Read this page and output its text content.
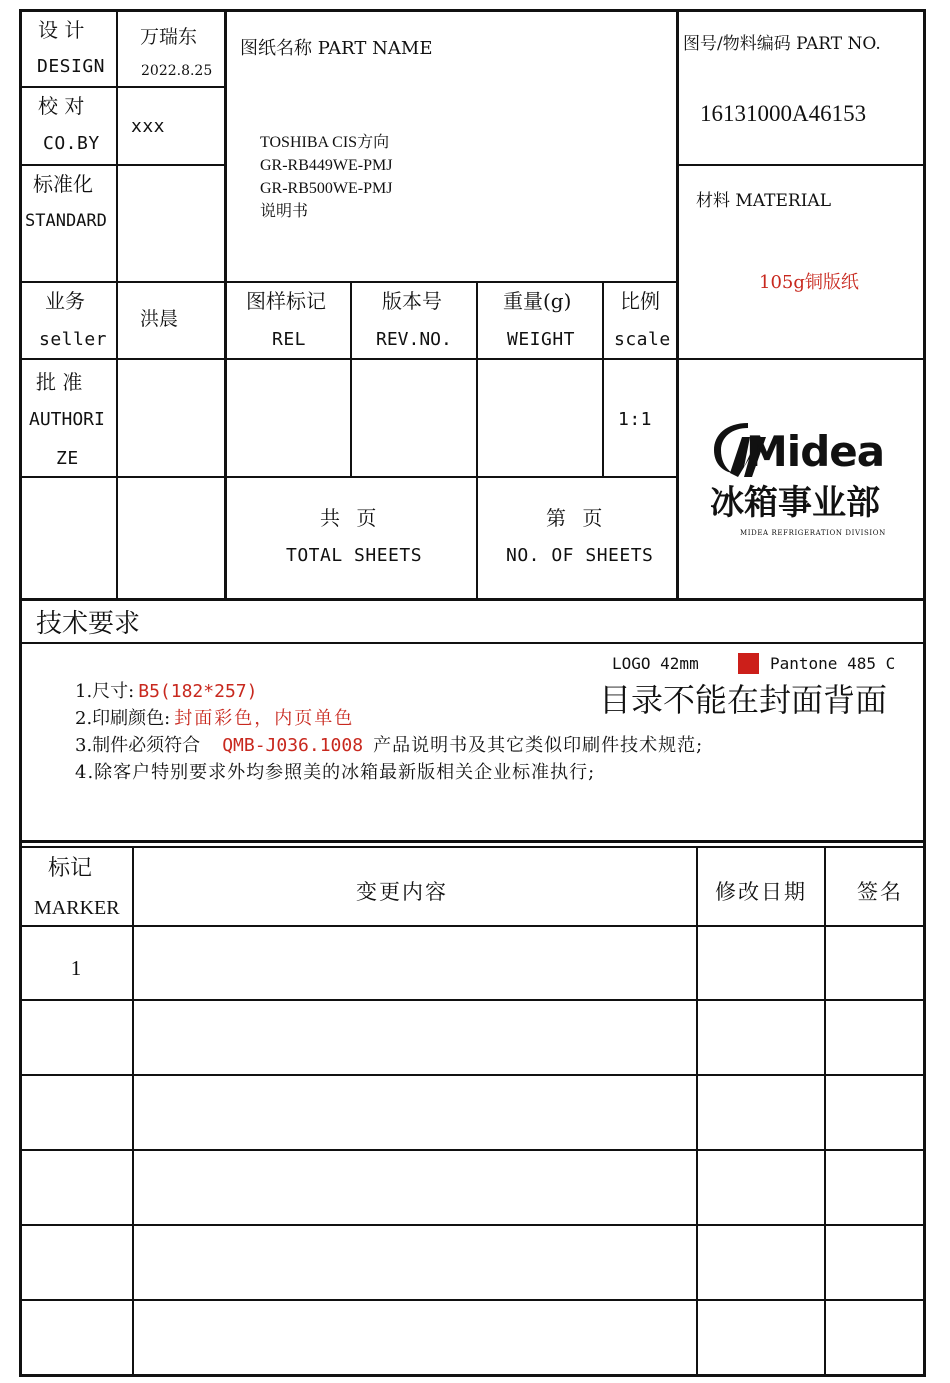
设 计
DESIGN
万瑞东
2022.8.25
校 对
CO.BY
xxx
标准化
STANDARD
图纸名称 PART NAME
TOSHIBA CIS方向
GR-RB449WE-PMJ
GR-RB500WE-PMJ
说明书
图号/物料编码 PART NO.
16131000A46153
材料 MATERIAL
105g铜版纸
业务
seller
洪晨
图样标记
REL
版本号
REV.NO.
重量(g)
WEIGHT
比例
scale
批 准
AUTHORI
ZE
1:1
共 页
TOTAL SHEETS
第 页
NO. OF SHEETS
Midea
冰箱事业部
MIDEA REFRIGERATION DIVISION
技术要求
LOGO 42mm	Pantone 485 C
目录不能在封面背面
1.尺寸: B5(182*257)
2.印刷颜色: 封面彩色，内页单色
3.制件必须符合 QMB-J036.1008 产品说明书及其它类似印刷件技术规范;
4.除客户特别要求外均参照美的冰箱最新版相关企业标准执行;
标记
MARKER
变更内容	修改日期 签名
1
